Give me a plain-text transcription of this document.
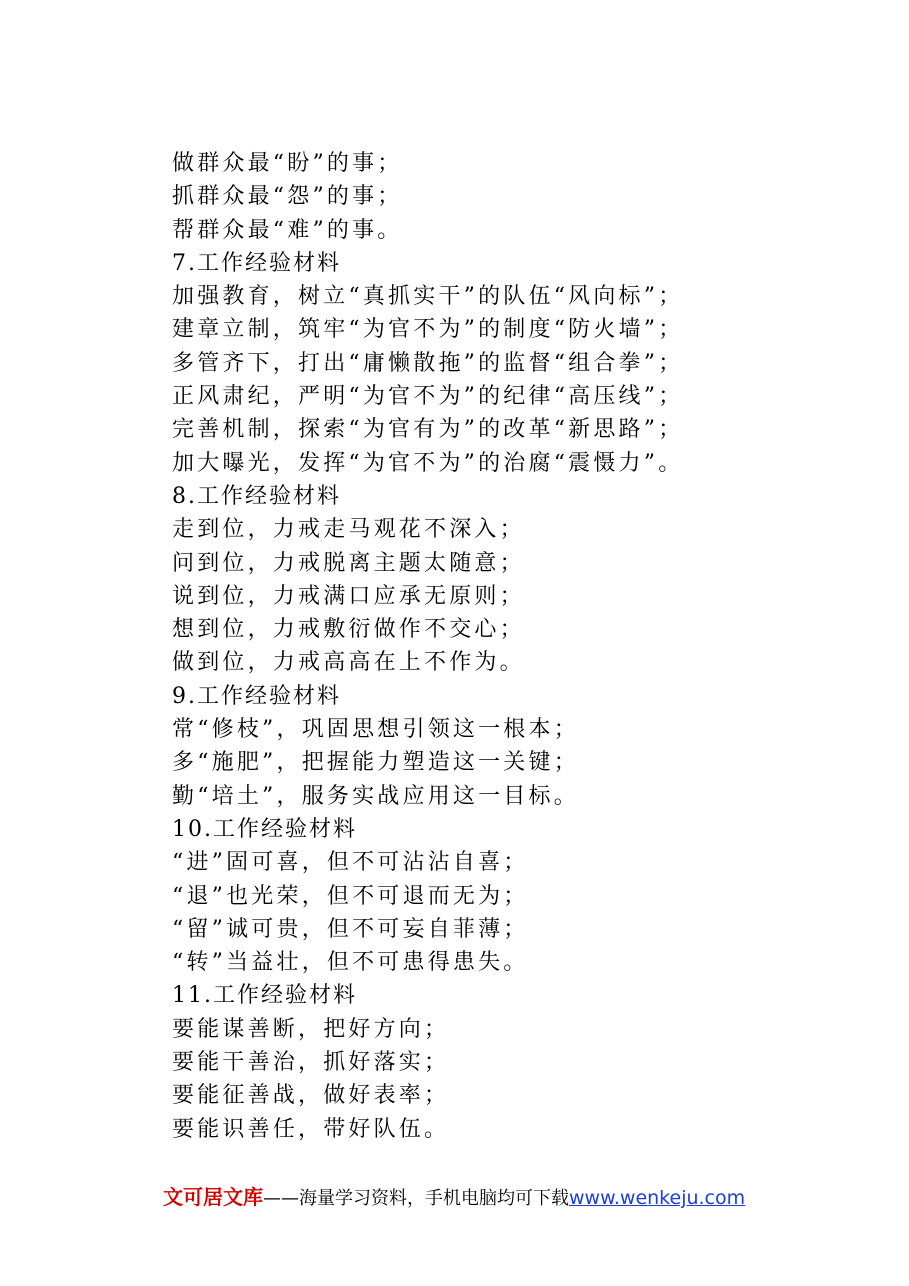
做群众最“盼”的事；
抓群众最“怨”的事；
帮群众最“难”的事。
7.工作经验材料
加强教育，树立“真抓实干”的队伍“风向标”；
建章立制，筑牢“为官不为”的制度“防火墙”；
多管齐下，打出“庸懒散拖”的监督“组合拳”；
正风肃纪，严明“为官不为”的纪律“高压线”；
完善机制，探索“为官有为”的改革“新思路”；
加大曝光，发挥“为官不为”的治腐“震慑力”。
8.工作经验材料
走到位，力戒走马观花不深入；
问到位，力戒脱离主题太随意；
说到位，力戒满口应承无原则；
想到位，力戒敷衍做作不交心；
做到位，力戒高高在上不作为。
9.工作经验材料
常“修枝”，巩固思想引领这一根本；
多“施肥”，把握能力塑造这一关键；
勤“培土”，服务实战应用这一目标。
10.工作经验材料
“进”固可喜，但不可沾沾自喜；
“退”也光荣，但不可退而无为；
“留”诚可贵，但不可妄自菲薄；
“转”当益壮，但不可患得患失。
11.工作经验材料
要能谋善断，把好方向；
要能干善治，抓好落实；
要能征善战，做好表率；
要能识善任，带好队伍。
文可居文库——海量学习资料，手机电脑均可下载www.wenkeju.com
